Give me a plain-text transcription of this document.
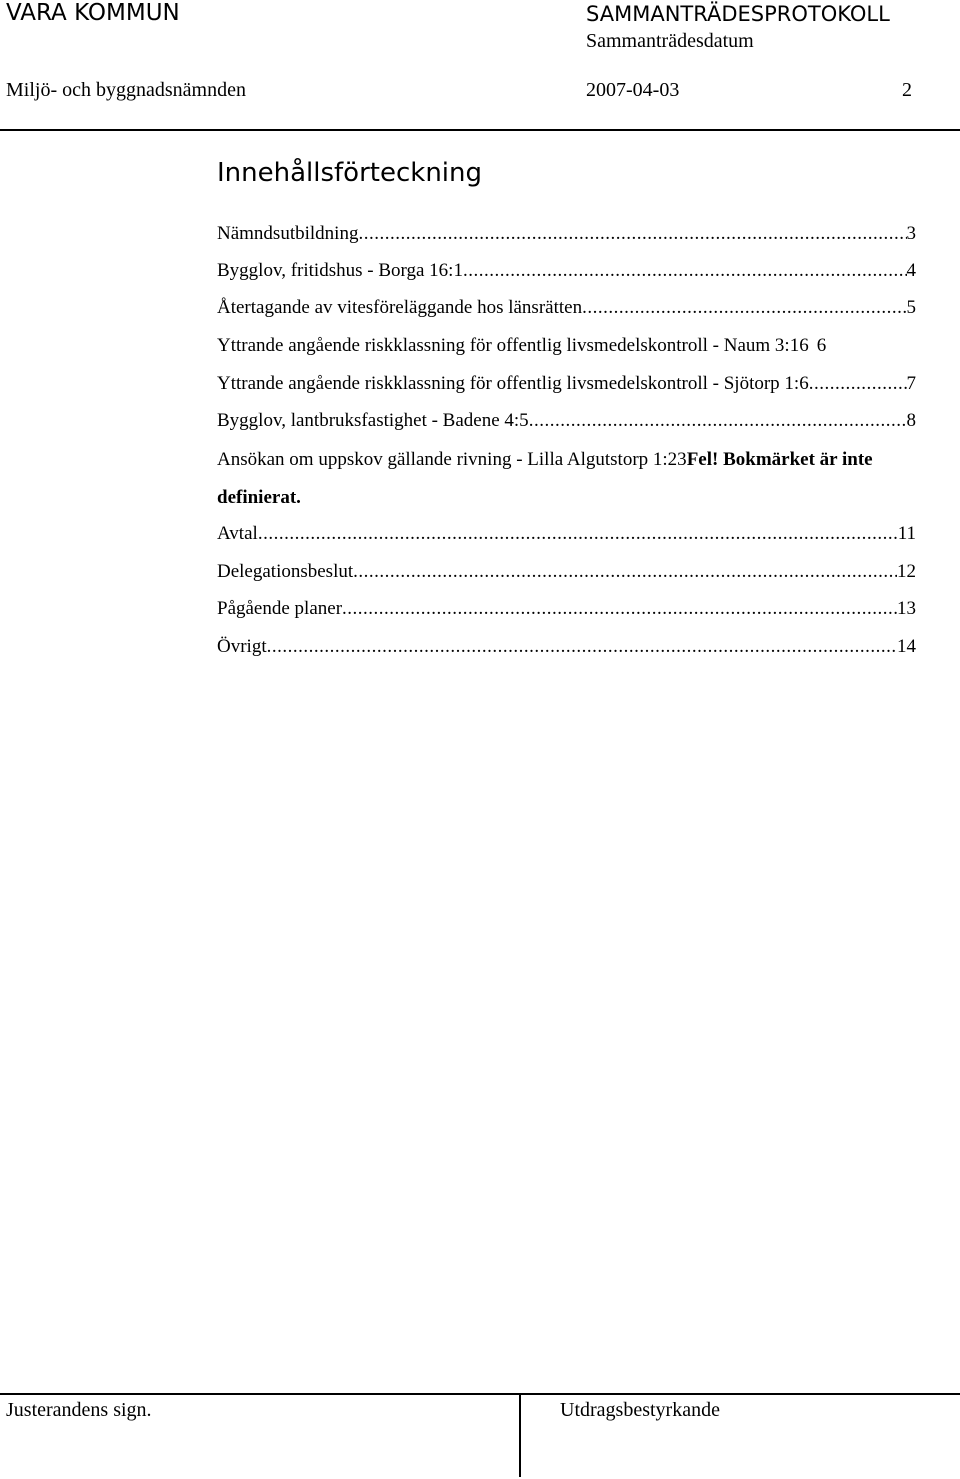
VARA KOMMUN	SAMMANTRÄDESPROTOKOLL
Sammanträdesdatum
Miljö- och byggnadsnämnden	2007-04-03	2
Innehållsförteckning
Nämndsutbildning .....	3
Bygglov, fritidshus - Borga 16:1 .....	4
Återtagande av vitesföreläggande hos länsrätten .....	5
Yttrande angående riskklassning för offentlig livsmedelskontroll - Naum 3:16 6
Yttrande angående riskklassning för offentlig livsmedelskontroll - Sjötorp 1:6 .....	7
Bygglov, lantbruksfastighet - Badene 4:5 .....	8
Ansökan om uppskov gällande rivning - Lilla Algutstorp 1:23Fel! Bokmärket är inte definierat.
Avtal .....	11
Delegationsbeslut .....	12
Pågående planer .....	13
Övrigt .....	14
Justerandens sign.	Utdragsbestyrkande
